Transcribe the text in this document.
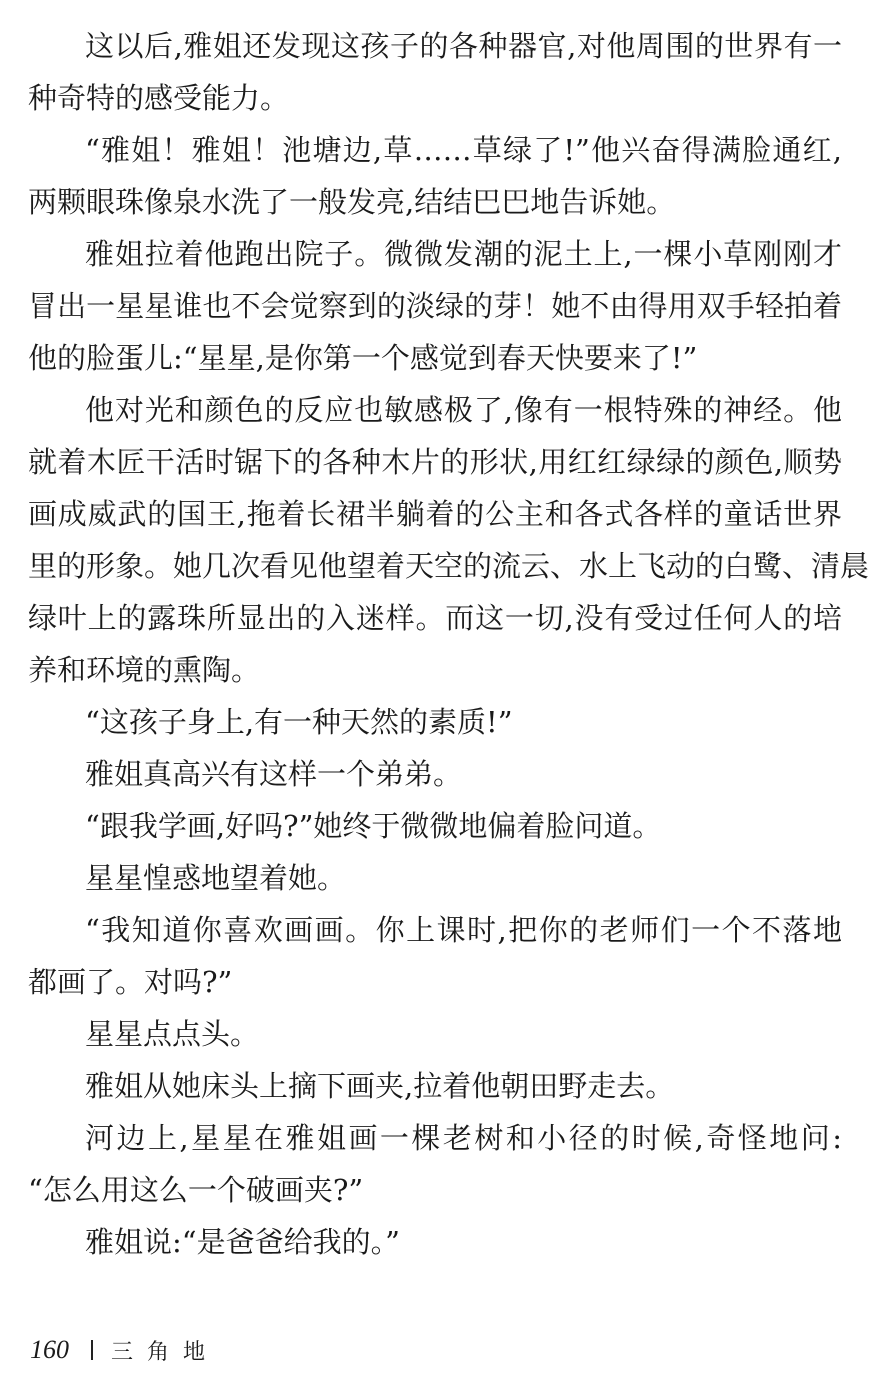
这以后,雅姐还发现这孩子的各种器官,对他周围的世界有一
种奇特的感受能力。
“雅姐！雅姐！池塘边,草……草绿了!”他兴奋得满脸通红,
两颗眼珠像泉水洗了一般发亮,结结巴巴地告诉她。
雅姐拉着他跑出院子。微微发潮的泥土上,一棵小草刚刚才
冒出一星星谁也不会觉察到的淡绿的芽！她不由得用双手轻拍着
他的脸蛋儿:“星星,是你第一个感觉到春天快要来了!”
他对光和颜色的反应也敏感极了,像有一根特殊的神经。他
就着木匠干活时锯下的各种木片的形状,用红红绿绿的颜色,顺势
画成威武的国王,拖着长裙半躺着的公主和各式各样的童话世界
里的形象。她几次看见他望着天空的流云、水上飞动的白鹭、清晨
绿叶上的露珠所显出的入迷样。而这一切,没有受过任何人的培
养和环境的熏陶。
“这孩子身上,有一种天然的素质!”
雅姐真高兴有这样一个弟弟。
“跟我学画,好吗?”她终于微微地偏着脸问道。
星星惶惑地望着她。
“我知道你喜欢画画。你上课时,把你的老师们一个不落地
都画了。对吗?”
星星点点头。
雅姐从她床头上摘下画夹,拉着他朝田野走去。
河边上,星星在雅姐画一棵老树和小径的时候,奇怪地问:
“怎么用这么一个破画夹?”
雅姐说:“是爸爸给我的。”
160 三角地
